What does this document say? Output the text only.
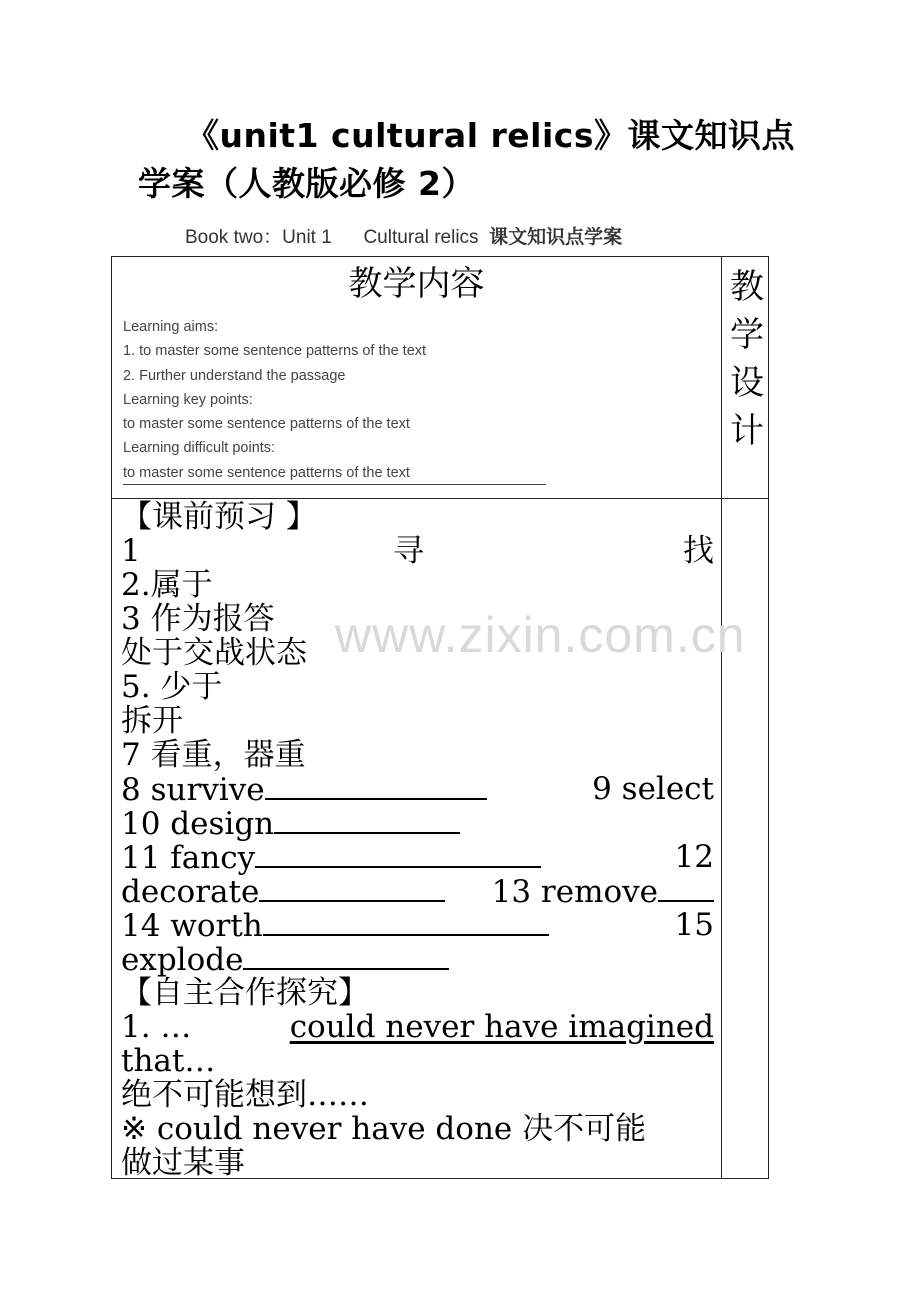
《unit1 cultural relics》课文知识点学案（人教版必修 2）
Book two：Unit 1      Cultural relics  课文知识点学案
教学内容	教
学
设
计
Learning aims:
1. to master some sentence patterns of the text
2. Further understand the passage
Learning key points:
to master some sentence patterns of the text
Learning difficult points:
to master some sentence patterns of the text
【课前预习 】
1	寻	找
2.属于
3 作为报答
处于交战状态
5. 少于
拆开
7 看重，器重
8 survive	9 select
10 design
11 fancy	12
decorate	13 remove
14 worth	15
explode
【自主合作探究】
1. …	could never have imagined
that…
绝不可能想到……
※ could never have done 决不可能
做过某事
www.zixin.com.cn
